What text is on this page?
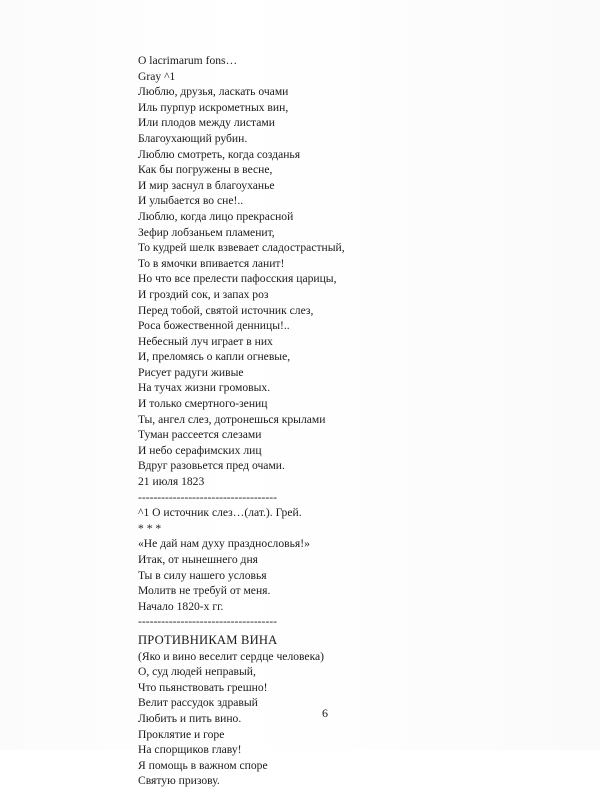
O lacrimarum fons…
Gray ^1
Люблю, друзья, ласкать очами
Иль пурпур искрометных вин,
Или плодов между листами
Благоухающий рубин.
Люблю смотреть, когда созданья
Как бы погружены в весне,
И мир заснул в благоуханье
И улыбается во сне!..
Люблю, когда лицо прекрасной
Зефир лобзаньем пламенит,
То кудрей шелк взвевает сладострастный,
То в ямочки впивается ланит!
Но что все прелести пафосския царицы,
И гроздий сок, и запах роз
Перед тобой, святой источник слез,
Роса божественной денницы!..
Небесный луч играет в них
И, преломясь о капли огневые,
Рисует радуги живые
На тучах жизни громовых.
И только смертного-зениц
Ты, ангел слез, дотронешься крылами
Туман рассеется слезами
И небо серафимских лиц
Вдруг разовьется пред очами.
21 июля 1823
------------------------------------
^1 О источник слез…(лат.). Грей.
* * *
«Не дай нам духу празднословья!»
Итак, от нынешнего дня
Ты в силу нашего условья
Молитв не требуй от меня.
Начало 1820-х гг.
------------------------------------
ПРОТИВНИКАМ ВИНА
(Яко и вино веселит сердце человека)
О, суд людей неправый,
Что пьянствовать грешно!
Велит рассудок здравый
Любить и пить вино.
Проклятие и горе
На спорщиков главу!
Я помощь в важном споре
Святую призову.
6
